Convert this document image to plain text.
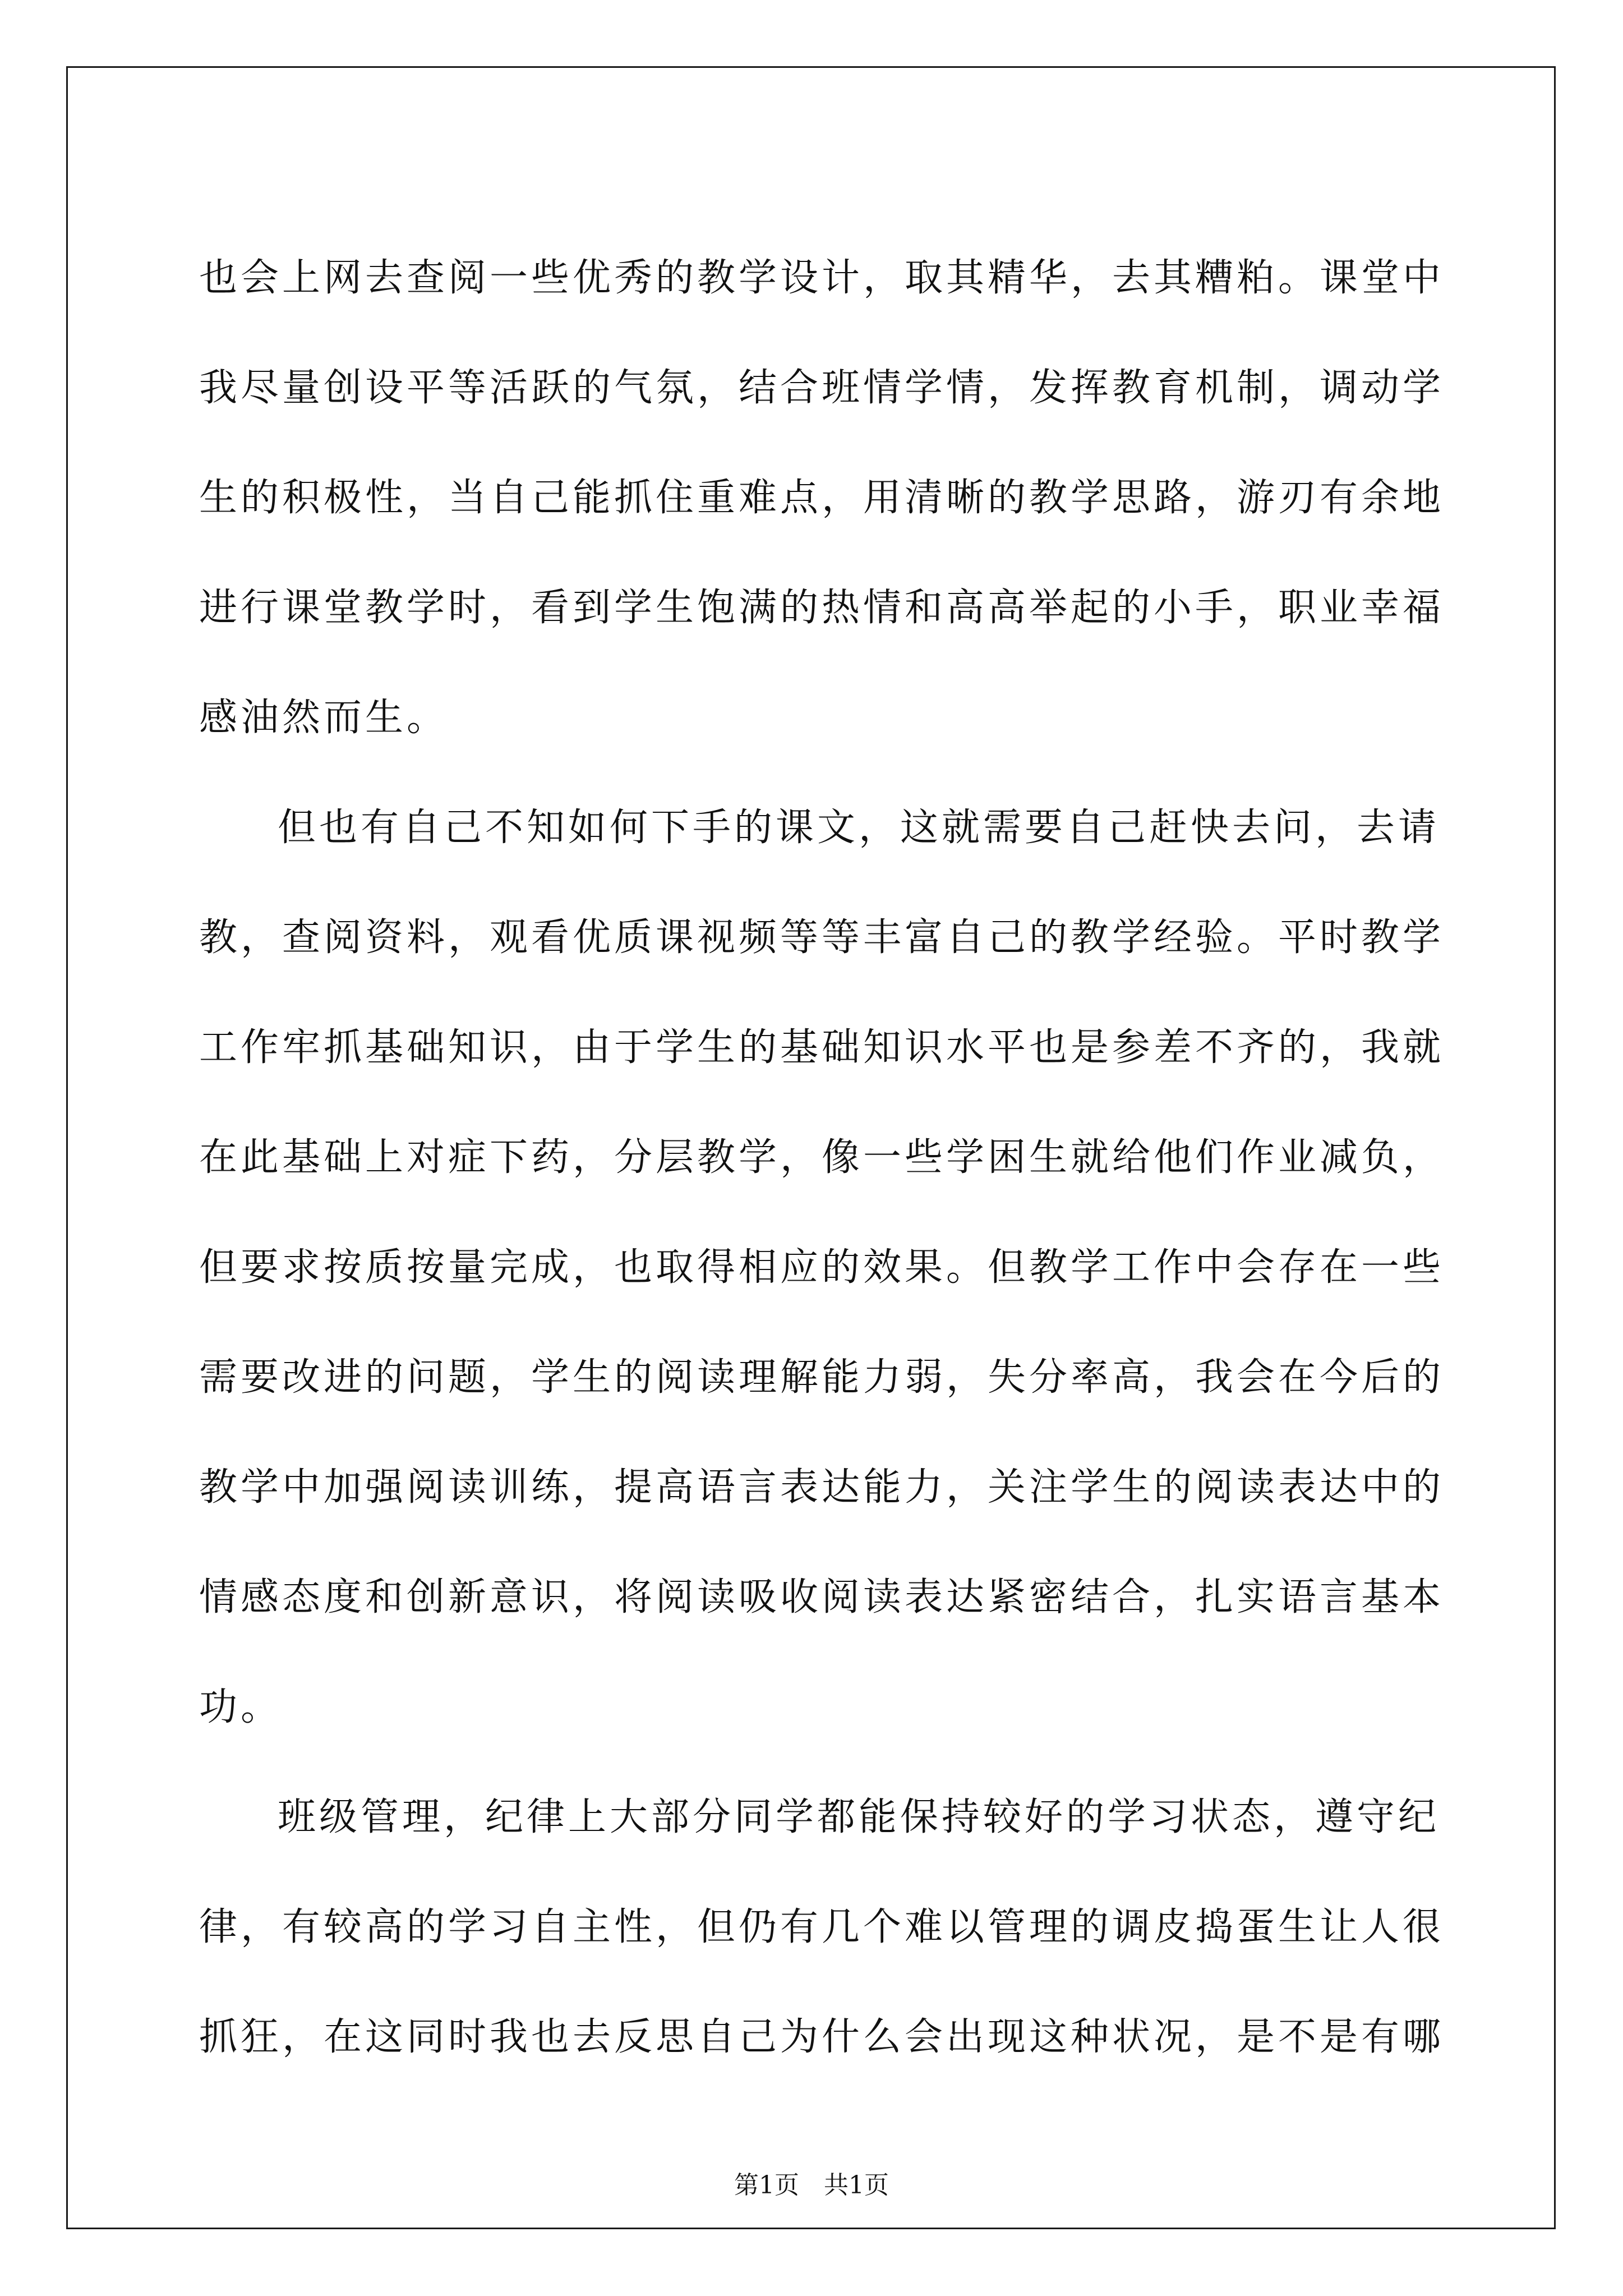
也会上网去查阅一些优秀的教学设计，取其精华，去其糟粕。课堂中
我尽量创设平等活跃的气氛，结合班情学情，发挥教育机制，调动学
生的积极性，当自己能抓住重难点，用清晰的教学思路，游刃有余地
进行课堂教学时，看到学生饱满的热情和高高举起的小手，职业幸福
感油然而生。
但也有自己不知如何下手的课文，这就需要自己赶快去问，去请
教，查阅资料，观看优质课视频等等丰富自己的教学经验。平时教学
工作牢抓基础知识，由于学生的基础知识水平也是参差不齐的，我就
在此基础上对症下药，分层教学，像一些学困生就给他们作业减负，
但要求按质按量完成，也取得相应的效果。但教学工作中会存在一些
需要改进的问题，学生的阅读理解能力弱，失分率高，我会在今后的
教学中加强阅读训练，提高语言表达能力，关注学生的阅读表达中的
情感态度和创新意识，将阅读吸收阅读表达紧密结合，扎实语言基本
功。
班级管理，纪律上大部分同学都能保持较好的学习状态，遵守纪
律，有较高的学习自主性，但仍有几个难以管理的调皮捣蛋生让人很
抓狂，在这同时我也去反思自己为什么会出现这种状况，是不是有哪
第1页　共1页
